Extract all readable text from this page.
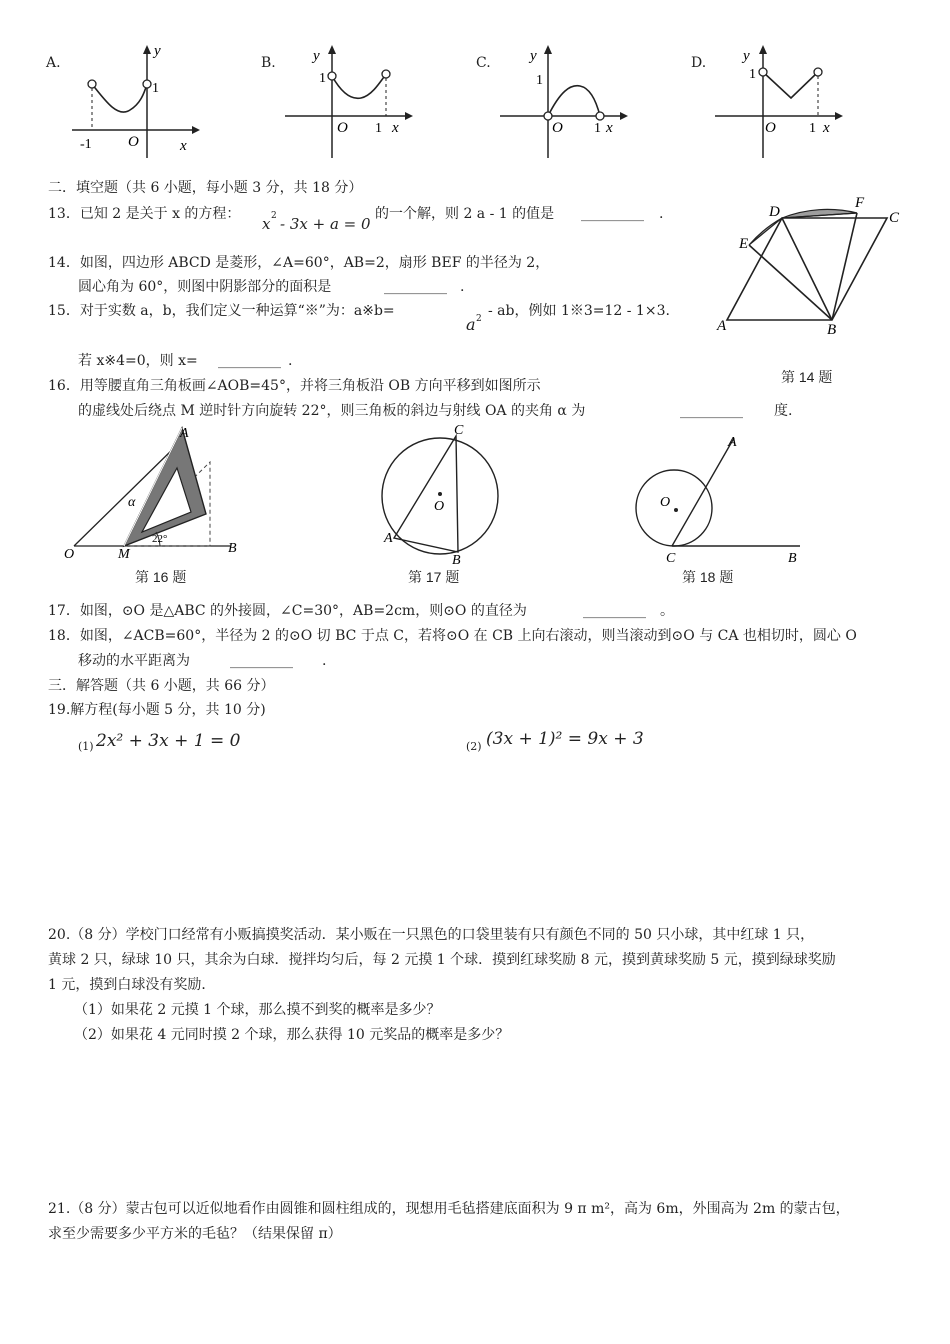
A.
y
x
O
1
-1
B. y
x
O
1
1
C.	y
x
O
1
1
D. y
x
O
1
1
二．填空题（共 6 小题，每小题 3 分，共 18 分）
13．已知 2 是关于 x 的方程：
x 2 - 3x + a = 0
的一个解，则 2 a - 1 的值是 _________ .
14．如图，四边形 ABCD 是菱形，∠A=60°，AB=2，扇形 BEF 的半径为 2，
圆心角为 60°，则图中阴影部分的面积是	_________ .
D
F
C
E
A	B
第 14 题
15．对于实数 a，b，我们定义一种运算“※”为：a※b=
a 2 - ab，例如 1※3=12 - 1×3.
若 x※4=0，则 x= _________ .
16．用等腰直角三角板画∠AOB=45°，并将三角板沿 OB 方向平移到如图所示
的虚线处后绕点 M 逆时针方向旋转 22°，则三角板的斜边与射线 OA 的夹角 α 为	_________ 度.
O	M	B
A
α
22°
第 16 题
C
O
A
B
第 17 题
A
O
C	B
第 18 题
17．如图，⊙O 是△ABC 的外接圆，∠C=30°，AB=2cm，则⊙O 的直径为	_________ 。
18．如图，∠ACB=60°，半径为 2 的⊙O 切 BC 于点 C，若将⊙O 在 CB 上向右滚动，则当滚动到⊙O 与 CA 也相切时，圆心 O
移动的水平距离为	_________ .
三．解答题（共 6 小题，共 66 分）
19.解方程(每小题 5 分，共 10 分)
(1) 2x² + 3x + 1 = 0	(2) (3x + 1)² = 9x + 3
20.（8 分）学校门口经常有小贩搞摸奖活动．某小贩在一只黑色的口袋里装有只有颜色不同的 50 只小球，其中红球 1 只，
黄球 2 只，绿球 10 只，其余为白球．搅拌均匀后，每 2 元摸 1 个球．摸到红球奖励 8 元，摸到黄球奖励 5 元，摸到绿球奖励
1 元，摸到白球没有奖励．
（1）如果花 2 元摸 1 个球，那么摸不到奖的概率是多少？
（2）如果花 4 元同时摸 2 个球，那么获得 10 元奖品的概率是多少？
21.（8 分）蒙古包可以近似地看作由圆锥和圆柱组成的，现想用毛毡搭建底面积为 9 π m²，高为 6m，外围高为 2m 的蒙古包，
求至少需要多少平方米的毛毡？（结果保留 π）
